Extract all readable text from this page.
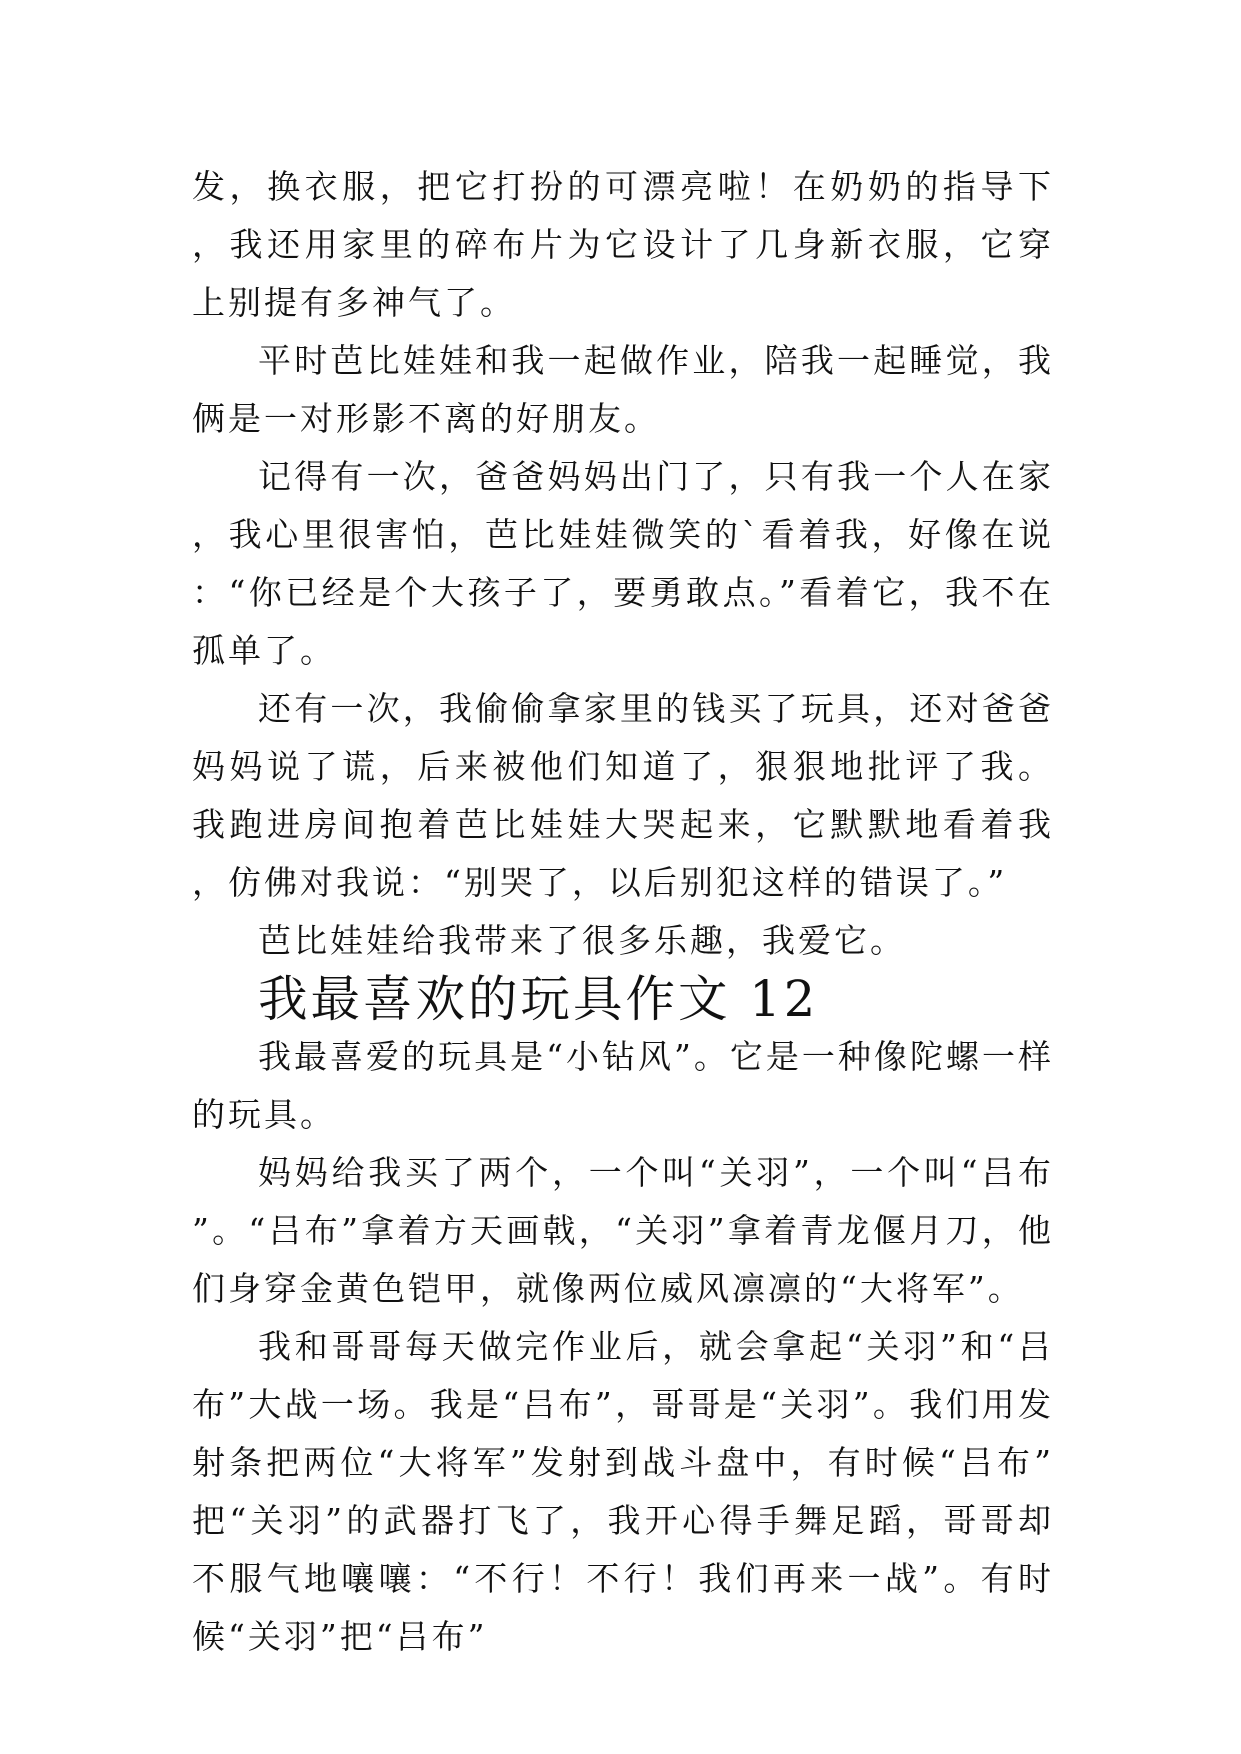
发，换衣服，把它打扮的可漂亮啦！在奶奶的指导下，我还用家里的碎布片为它设计了几身新衣服，它穿上别提有多神气了。

平时芭比娃娃和我一起做作业，陪我一起睡觉，我俩是一对形影不离的好朋友。

记得有一次，爸爸妈妈出门了，只有我一个人在家，我心里很害怕，芭比娃娃微笑的`看着我，好像在说：“你已经是个大孩子了，要勇敢点。”看着它，我不在孤单了。

还有一次，我偷偷拿家里的钱买了玩具，还对爸爸妈妈说了谎，后来被他们知道了，狠狠地批评了我。我跑进房间抱着芭比娃娃大哭起来，它默默地看着我，仿佛对我说：“别哭了，以后别犯这样的错误了。”

芭比娃娃给我带来了很多乐趣，我爱它。

我最喜欢的玩具作文 12

我最喜爱的玩具是“小钻风”。它是一种像陀螺一样的玩具。

妈妈给我买了两个，一个叫“关羽”，一个叫“吕布”。“吕布”拿着方天画戟，“关羽”拿着青龙偃月刀，他们身穿金黄色铠甲，就像两位威风凛凛的“大将军”。

我和哥哥每天做完作业后，就会拿起“关羽”和“吕布”大战一场。我是“吕布”，哥哥是“关羽”。我们用发射条把两位“大将军”发射到战斗盘中，有时候“吕布”把“关羽”的武器打飞了，我开心得手舞足蹈，哥哥却不服气地嚷嚷：“不行！不行！我们再来一战”。有时候“关羽”把“吕布”
